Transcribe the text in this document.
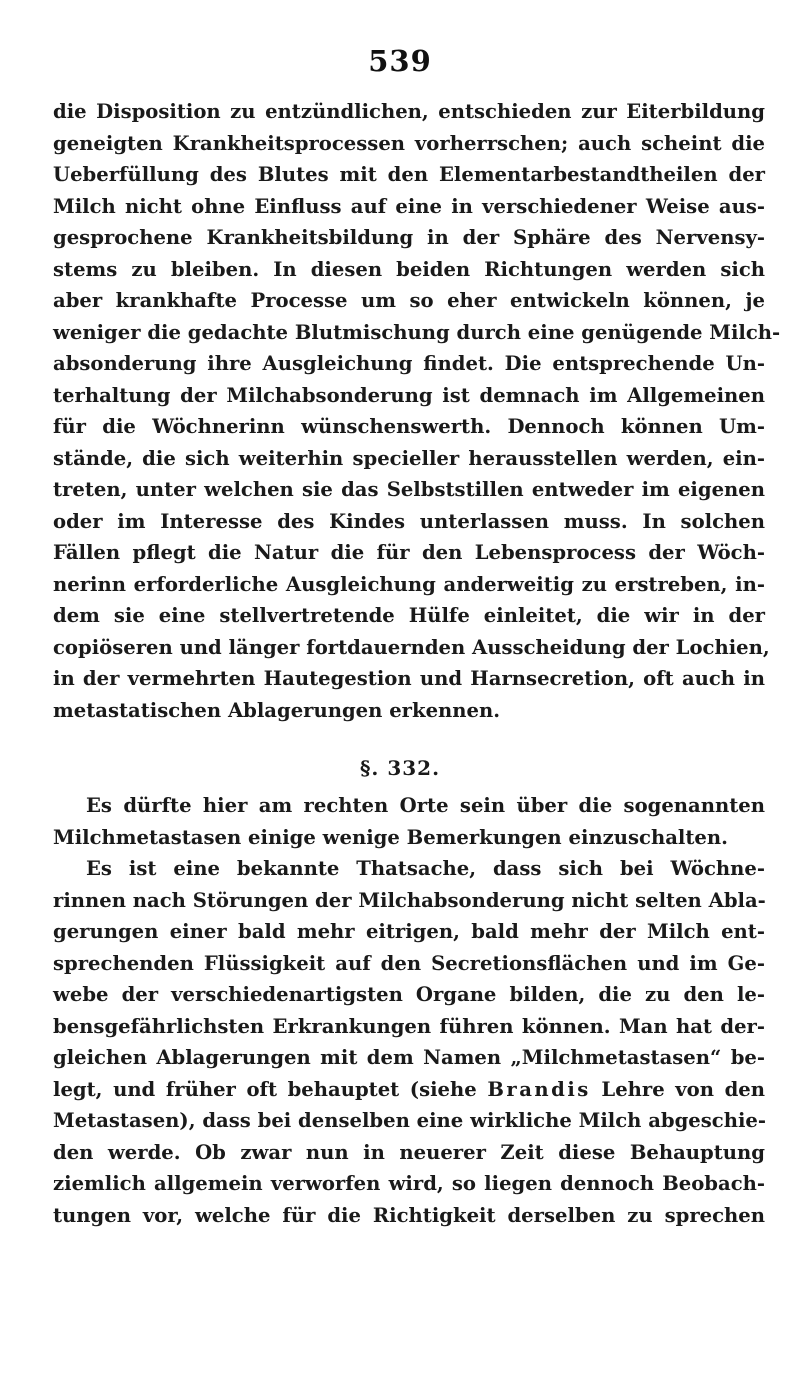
539
die Disposition zu entzündlichen, entschieden zur Eiterbildung
geneigten Krankheitsprocessen vorherrschen; auch scheint die
Ueberfüllung des Blutes mit den Elementarbestandtheilen der
Milch nicht ohne Einfluss auf eine in verschiedener Weise aus-
gesprochene Krankheitsbildung in der Sphäre des Nervensy-
stems zu bleiben. In diesen beiden Richtungen werden sich
aber krankhafte Processe um so eher entwickeln können, je
weniger die gedachte Blutmischung durch eine genügende Milch-
absonderung ihre Ausgleichung findet. Die entsprechende Un-
terhaltung der Milchabsonderung ist demnach im Allgemeinen
für die Wöchnerinn wünschenswerth. Dennoch können Um-
stände, die sich weiterhin specieller herausstellen werden, ein-
treten, unter welchen sie das Selbststillen entweder im eigenen
oder im Interesse des Kindes unterlassen muss. In solchen
Fällen pflegt die Natur die für den Lebensprocess der Wöch-
nerinn erforderliche Ausgleichung anderweitig zu erstreben, in-
dem sie eine stellvertretende Hülfe einleitet, die wir in der
copiöseren und länger fortdauernden Ausscheidung der Lochien,
in der vermehrten Hautegestion und Harnsecretion, oft auch in
metastatischen Ablagerungen erkennen.
§. 332.
Es dürfte hier am rechten Orte sein über die sogenannten
Milchmetastasen einige wenige Bemerkungen einzuschalten.
Es ist eine bekannte Thatsache, dass sich bei Wöchne-
rinnen nach Störungen der Milchabsonderung nicht selten Abla-
gerungen einer bald mehr eitrigen, bald mehr der Milch ent-
sprechenden Flüssigkeit auf den Secretionsflächen und im Ge-
webe der verschiedenartigsten Organe bilden, die zu den le-
bensgefährlichsten Erkrankungen führen können. Man hat der-
gleichen Ablagerungen mit dem Namen „Milchmetastasen“ be-
legt, und früher oft behauptet (siehe Brandis Lehre von den
Metastasen), dass bei denselben eine wirkliche Milch abgeschie-
den werde. Ob zwar nun in neuerer Zeit diese Behauptung
ziemlich allgemein verworfen wird, so liegen dennoch Beobach-
tungen vor, welche für die Richtigkeit derselben zu sprechen
